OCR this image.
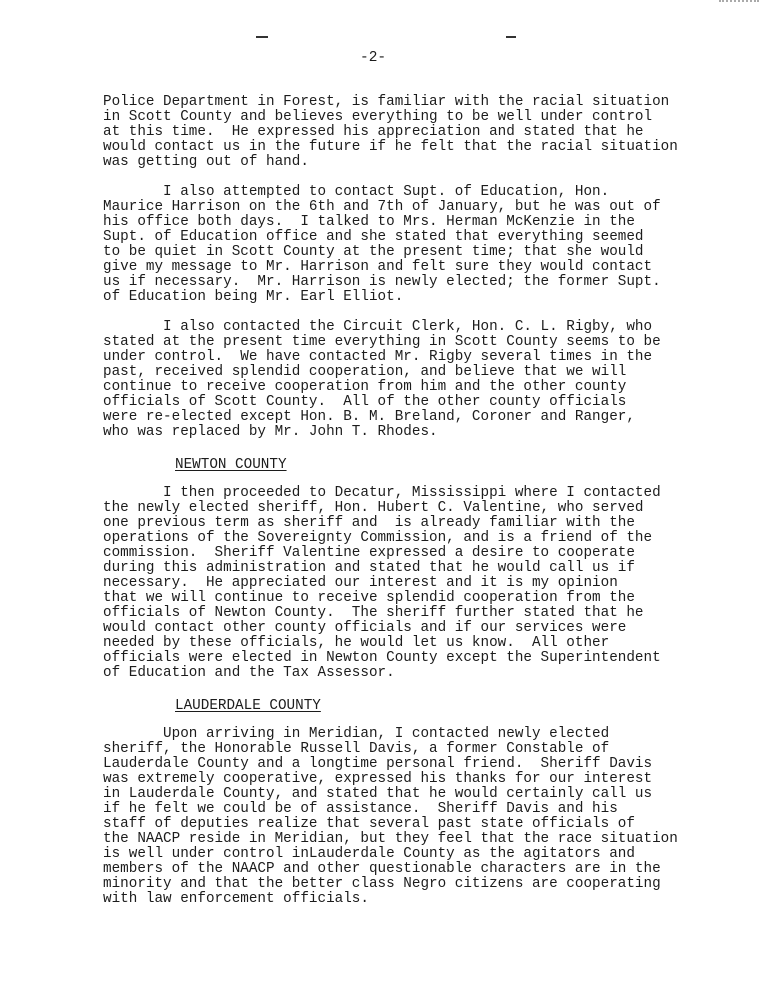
-2-
Police Department in Forest, is familiar with the racial situation
in Scott County and believes everything to be well under control
at this time.  He expressed his appreciation and stated that he
would contact us in the future if he felt that the racial situation
was getting out of hand.
I also attempted to contact Supt. of Education, Hon.
Maurice Harrison on the 6th and 7th of January, but he was out of
his office both days.  I talked to Mrs. Herman McKenzie in the
Supt. of Education office and she stated that everything seemed
to be quiet in Scott County at the present time; that she would
give my message to Mr. Harrison and felt sure they would contact
us if necessary.  Mr. Harrison is newly elected; the former Supt.
of Education being Mr. Earl Elliot.
I also contacted the Circuit Clerk, Hon. C. L. Rigby, who
stated at the present time everything in Scott County seems to be
under control.  We have contacted Mr. Rigby several times in the
past, received splendid cooperation, and believe that we will
continue to receive cooperation from him and the other county
officials of Scott County.  All of the other county officials
were re-elected except Hon. B. M. Breland, Coroner and Ranger,
who was replaced by Mr. John T. Rhodes.
NEWTON COUNTY
I then proceeded to Decatur, Mississippi where I contacted
the newly elected sheriff, Hon. Hubert C. Valentine, who served
one previous term as sheriff and  is already familiar with the
operations of the Sovereignty Commission, and is a friend of the
commission.  Sheriff Valentine expressed a desire to cooperate
during this administration and stated that he would call us if
necessary.  He appreciated our interest and it is my opinion
that we will continue to receive splendid cooperation from the
officials of Newton County.  The sheriff further stated that he
would contact other county officials and if our services were
needed by these officials, he would let us know.  All other
officials were elected in Newton County except the Superintendent
of Education and the Tax Assessor.
LAUDERDALE COUNTY
Upon arriving in Meridian, I contacted newly elected
sheriff, the Honorable Russell Davis, a former Constable of
Lauderdale County and a longtime personal friend.  Sheriff Davis
was extremely cooperative, expressed his thanks for our interest
in Lauderdale County, and stated that he would certainly call us
if he felt we could be of assistance.  Sheriff Davis and his
staff of deputies realize that several past state officials of
the NAACP reside in Meridian, but they feel that the race situation
is well under control inLauderdale County as the agitators and
members of the NAACP and other questionable characters are in the
minority and that the better class Negro citizens are cooperating
with law enforcement officials.
